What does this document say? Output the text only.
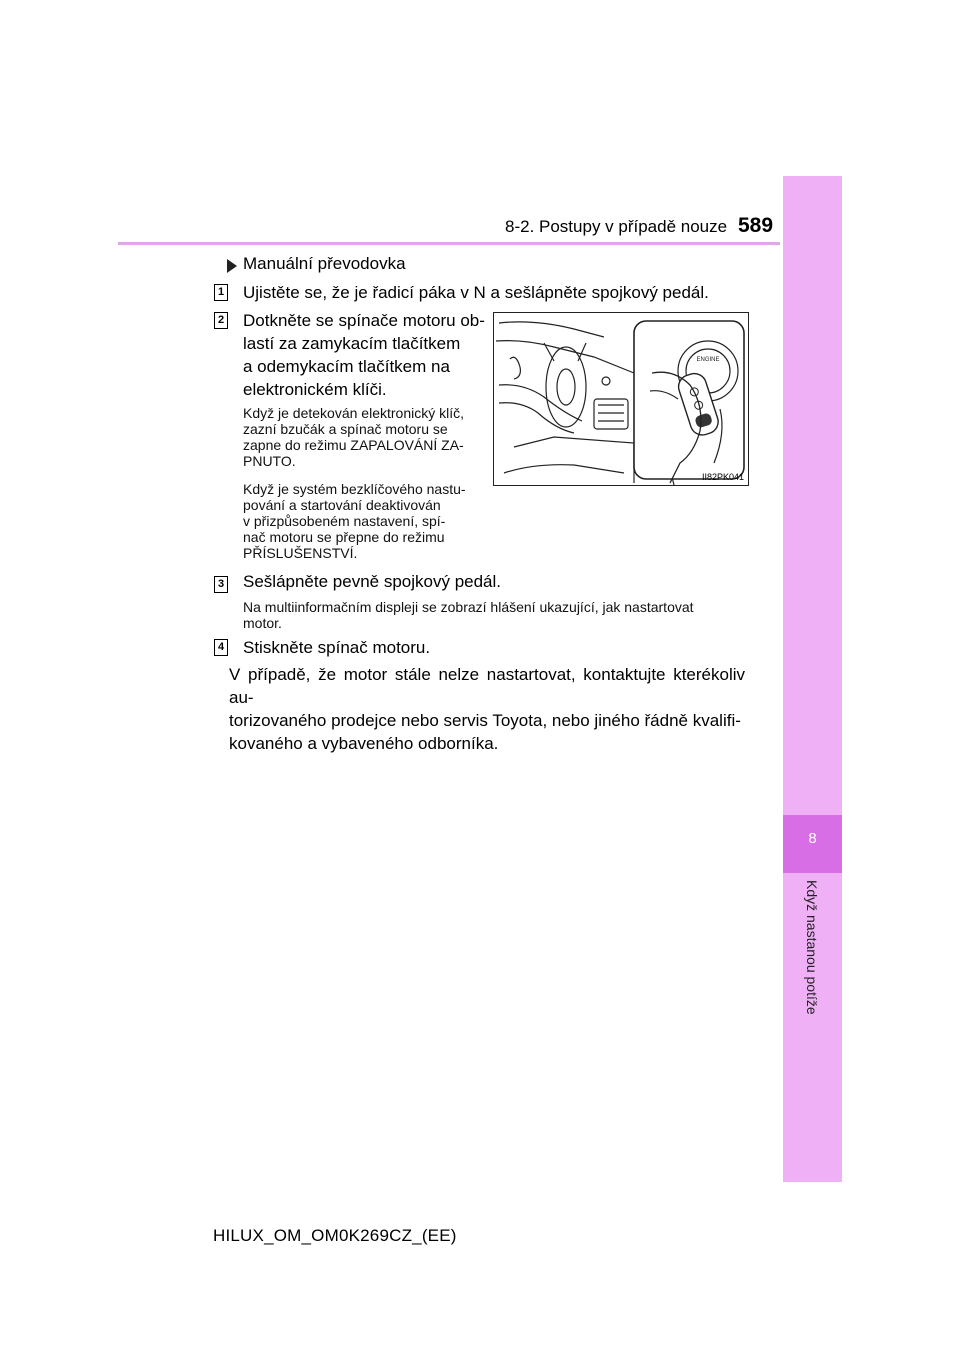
8
Když nastanou potíže
8-2. Postupy v případě nouze 589
Manuální převodovka
1 Ujistěte se, že je řadicí páka v N a sešlápněte spojkový pedál.
2 Dotkněte se spínače motoru ob-
lastí za zamykacím tlačítkem
a odemykacím tlačítkem na
elektronickém klíči.
Když je detekován elektronický klíč,
zazní bzučák a spínač motoru se
zapne do režimu ZAPALOVÁNÍ ZA-
PNUTO.
Když je systém bezklíčového nastu-
pování a startování deaktivován
v přizpůsobeném nastavení, spí-
nač motoru se přepne do režimu
PŘÍSLUŠENSTVÍ.
ENGINE
II82PK041
3 Sešlápněte pevně spojkový pedál.
Na multiinformačním displeji se zobrazí hlášení ukazující, jak nastartovat
motor.
4 Stiskněte spínač motoru.
V případě, že motor stále nelze nastartovat, kontaktujte kterékoliv au-
torizovaného prodejce nebo servis Toyota, nebo jiného řádně kvalifi-
kovaného a vybaveného odborníka.
HILUX_OM_OM0K269CZ_(EE)
